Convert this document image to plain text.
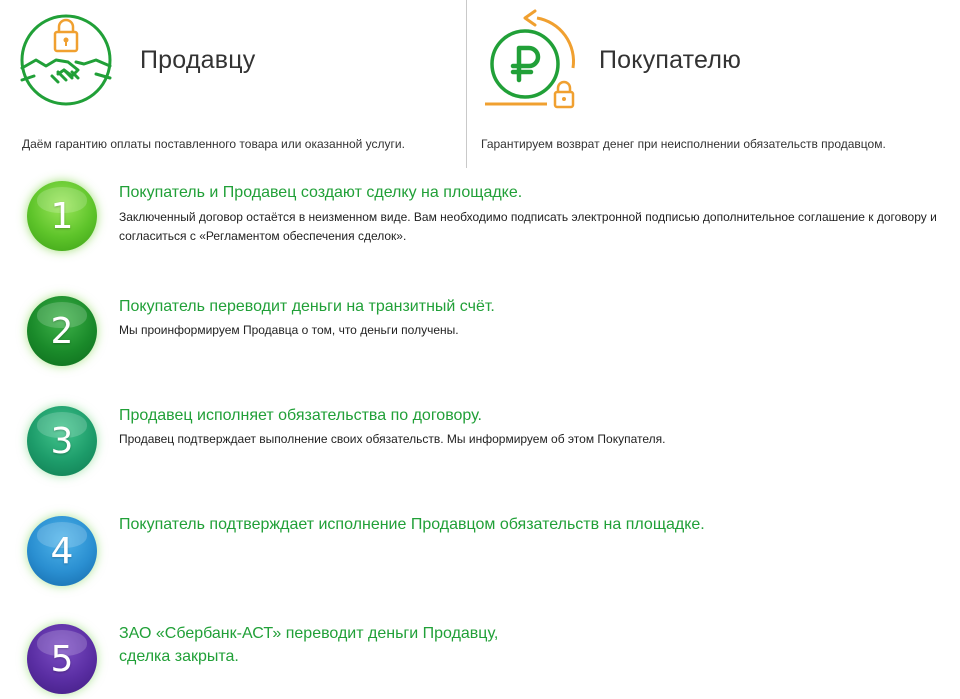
Продавцу
Даём гарантию оплаты поставленного товара или оказанной услуги.
Покупателю
Гарантируем возврат денег при неисполнении обязательств продавцом.
1
Покупатель и Продавец создают сделку на площадке.
Заключенный договор остаётся в неизменном виде. Вам необходимо подписать электронной подписью дополнительное соглашение к договору и согласиться с «Регламентом обеспечения сделок».
2
Покупатель переводит деньги на транзитный счёт.
Мы проинформируем Продавца о том, что деньги получены.
3
Продавец исполняет обязательства по договору.
Продавец подтверждает выполнение своих обязательств. Мы информируем об этом Покупателя.
4
Покупатель подтверждает исполнение Продавцом обязательств на площадке.
5
ЗАО «Сбербанк-АСТ» переводит деньги Продавцу,
сделка закрыта.
